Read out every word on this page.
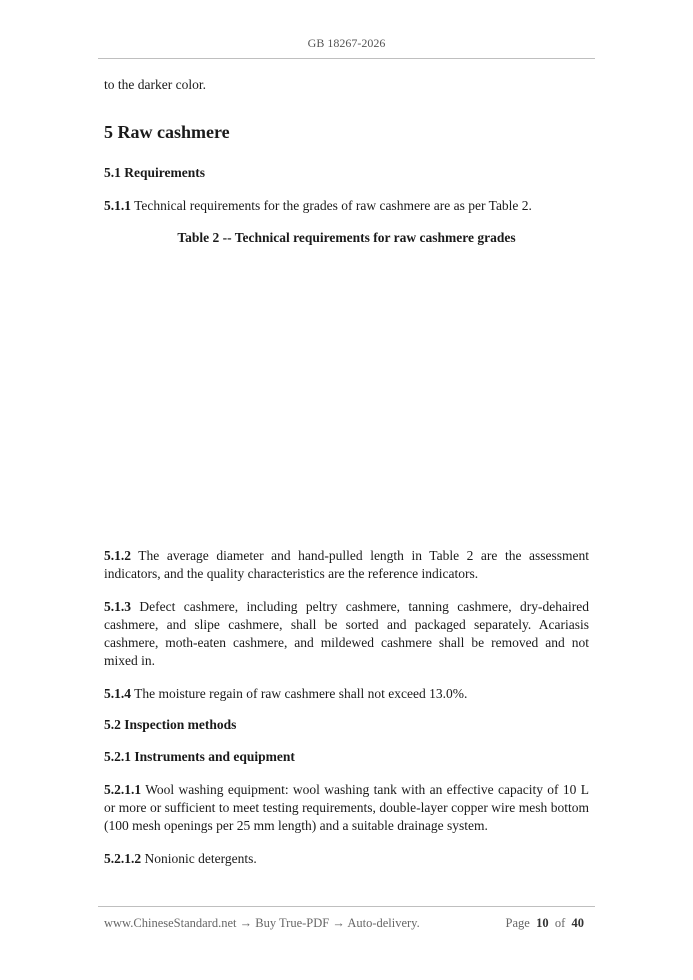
GB 18267-2026

to the darker color.

5 Raw cashmere

5.1 Requirements

5.1.1 Technical requirements for the grades of raw cashmere are as per Table 2.

Table 2 -- Technical requirements for raw cashmere grades

5.1.2 The average diameter and hand-pulled length in Table 2 are the assessment indicators, and the quality characteristics are the reference indicators.

5.1.3 Defect cashmere, including peltry cashmere, tanning cashmere, dry-dehaired cashmere, and slipe cashmere, shall be sorted and packaged separately. Acariasis cashmere, moth-eaten cashmere, and mildewed cashmere shall be removed and not mixed in.

5.1.4 The moisture regain of raw cashmere shall not exceed 13.0%.

5.2 Inspection methods

5.2.1 Instruments and equipment

5.2.1.1 Wool washing equipment: wool washing tank with an effective capacity of 10 L or more or sufficient to meet testing requirements, double-layer copper wire mesh bottom (100 mesh openings per 25 mm length) and a suitable drainage system.

5.2.1.2 Nonionic detergents.

www.ChineseStandard.net → Buy True-PDF → Auto-delivery.	Page 10 of 40
